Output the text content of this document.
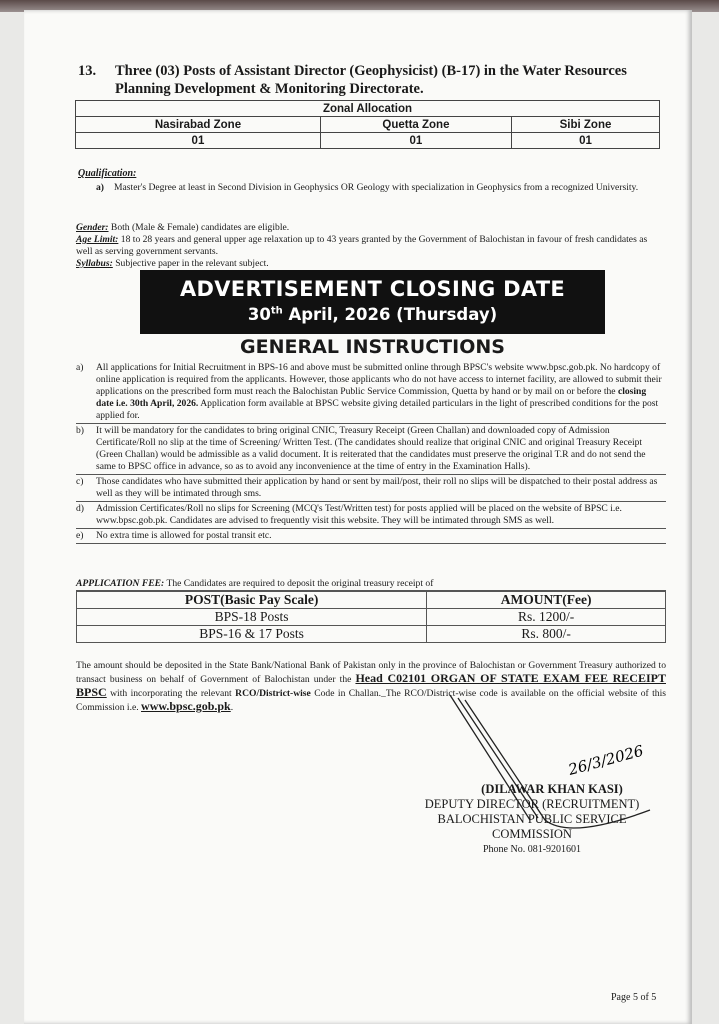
13. Three (03) Posts of Assistant Director (Geophysicist) (B-17) in the Water Resources Planning Development & Monitoring Directorate.
Zonal Allocation		
Nasirabad Zone	Quetta Zone	Sibi Zone
01	01	01
Qualification:
a) Master's Degree at least in Second Division in Geophysics OR Geology with specialization in Geophysics from a recognized University.
Gender: Both (Male & Female) candidates are eligible.
Age Limit: 18 to 28 years and general upper age relaxation up to 43 years granted by the Government of Balochistan in favour of fresh candidates as well as serving government servants.
Syllabus: Subjective paper in the relevant subject.
ADVERTISEMENT CLOSING DATE
30th April, 2026 (Thursday)
GENERAL INSTRUCTIONS
a) All applications for Initial Recruitment in BPS-16 and above must be submitted online through BPSC's website www.bpsc.gob.pk. No hardcopy of online application is required from the applicants. However, those applicants who do not have access to internet facility, are allowed to submit their applications on the prescribed form must reach the Balochistan Public Service Commission, Quetta by hand or by mail on or before the closing date i.e. 30th April, 2026. Application form available at BPSC website giving detailed particulars in the light of prescribed conditions for the post applied for.
b) It will be mandatory for the candidates to bring original CNIC, Treasury Receipt (Green Challan) and downloaded copy of Admission Certificate/Roll no slip at the time of Screening/ Written Test. (The candidates should realize that original CNIC and original Treasury Receipt (Green Challan) would be admissible as a valid document. It is reiterated that the candidates must preserve the original T.R and do not send the same to BPSC office in advance, so as to avoid any inconvenience at the time of entry in the Examination Halls).
c) Those candidates who have submitted their application by hand or sent by mail/post, their roll no slips will be dispatched to their postal address as well as they will be intimated through sms.
d) Admission Certificates/Roll no slips for Screening (MCQ's Test/Written test) for posts applied will be placed on the website of BPSC i.e. www.bpsc.gob.pk. Candidates are advised to frequently visit this website. They will be intimated through SMS as well.
e) No extra time is allowed for postal transit etc.
APPLICATION FEE: The Candidates are required to deposit the original treasury receipt of
POST(Basic Pay Scale)	AMOUNT(Fee)
BPS-18 Posts	Rs. 1200/-
BPS-16 & 17 Posts	Rs. 800/-
The amount should be deposited in the State Bank/National Bank of Pakistan only in the province of Balochistan or Government Treasury authorized to transact business on behalf of Government of Balochistan under the Head C02101 ORGAN OF STATE EXAM FEE RECEIPT BPSC with incorporating the relevant RCO/District-wise Code in Challan._The RCO/District-wise code is available on the official website of this Commission i.e. www.bpsc.gob.pk.
26/3/2026
(DILAWAR KHAN KASI)
DEPUTY DIRECTOR (RECRUITMENT)
BALOCHISTAN PUBLIC SERVICE
COMMISSION
Phone No. 081-9201601
Page 5 of 5
